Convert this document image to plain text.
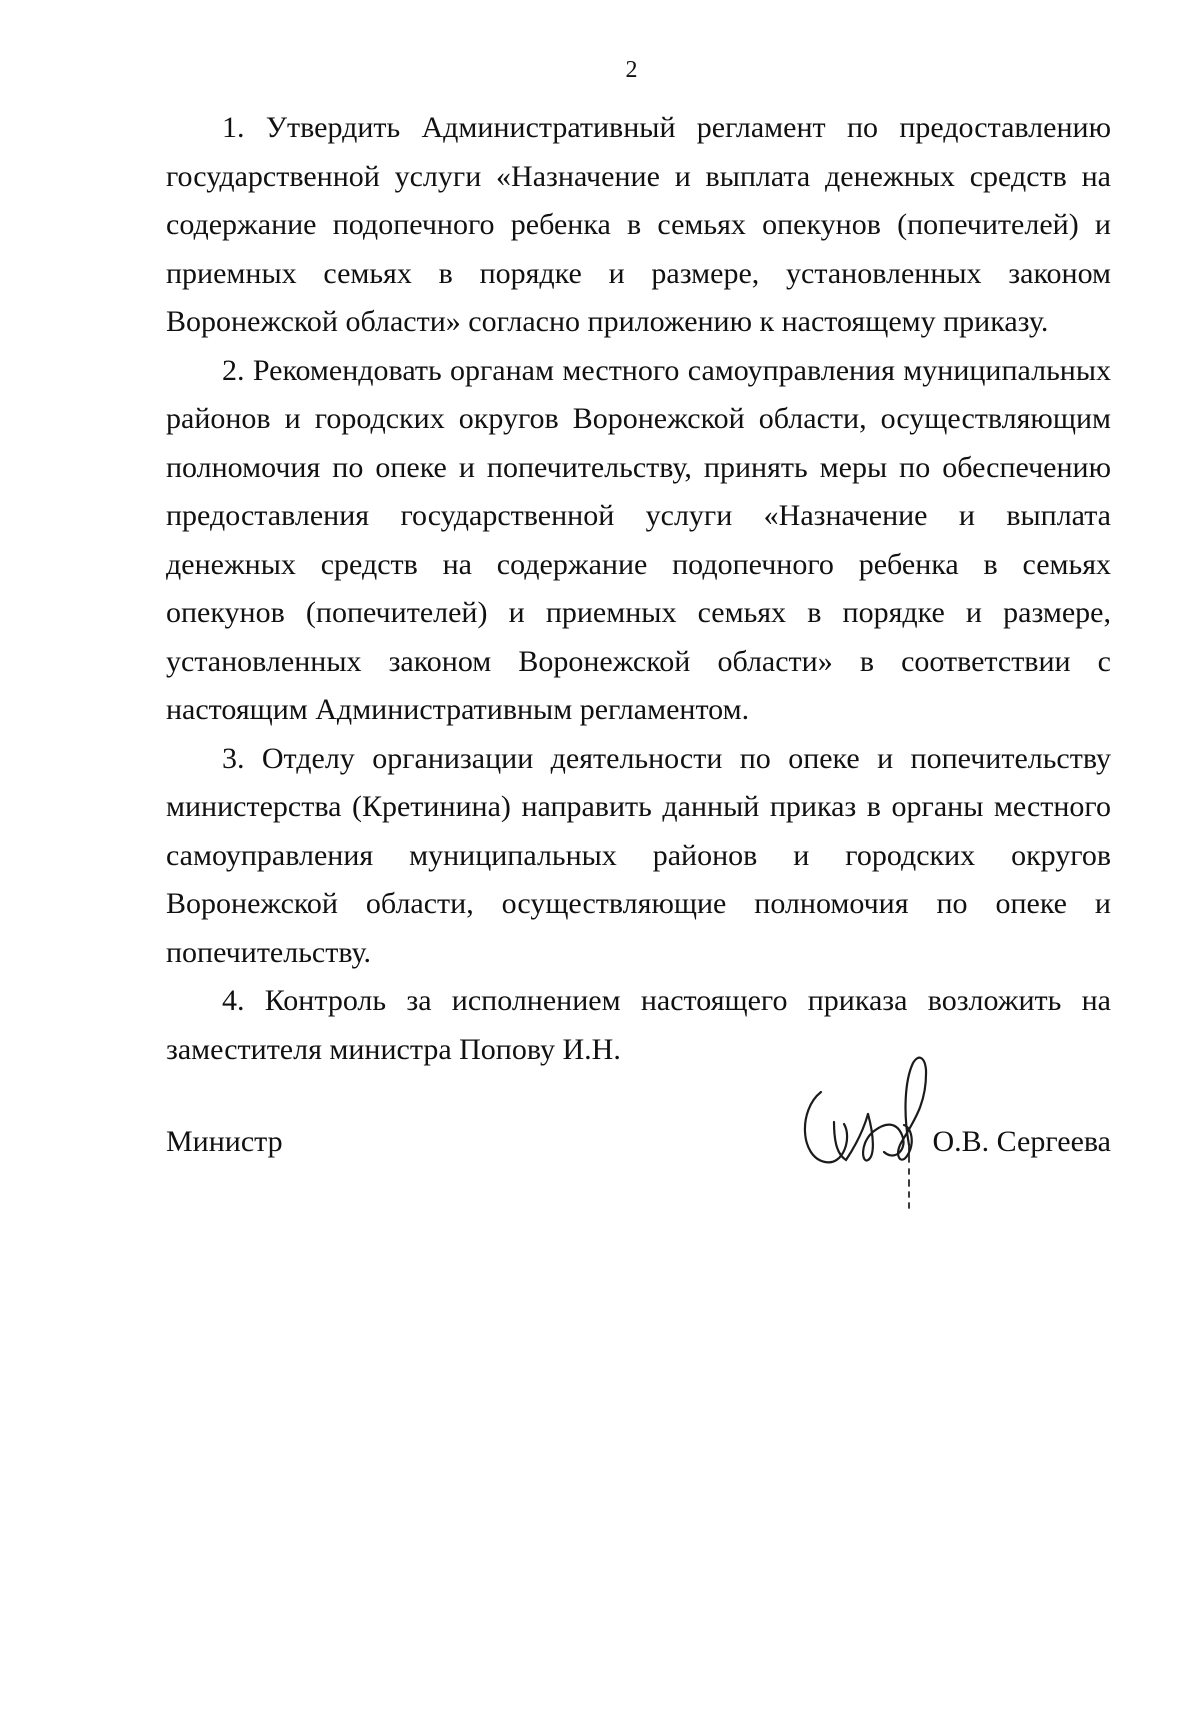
2

1. Утвердить Административный регламент по предоставлению государственной услуги «Назначение и выплата денежных средств на содержание подопечного ребенка в семьях опекунов (попечителей) и приемных семьях в порядке и размере, установленных законом Воронежской области» согласно приложению к настоящему приказу.

2. Рекомендовать органам местного самоуправления муниципальных районов и городских округов Воронежской области, осуществляющим полномочия по опеке и попечительству, принять меры по обеспечению предоставления государственной услуги «Назначение и выплата денежных средств на содержание подопечного ребенка в семьях опекунов (попечителей) и приемных семьях в порядке и размере, установленных законом Воронежской области» в соответствии с настоящим Административным регламентом.

3. Отделу организации деятельности по опеке и попечительству министерства (Кретинина) направить данный приказ в органы местного самоуправления муниципальных районов и городских округов Воронежской области, осуществляющие полномочия по опеке и попечительству.

4. Контроль за исполнением настоящего приказа возложить на заместителя министра Попову И.Н.

Министр	О.В. Сергеева
